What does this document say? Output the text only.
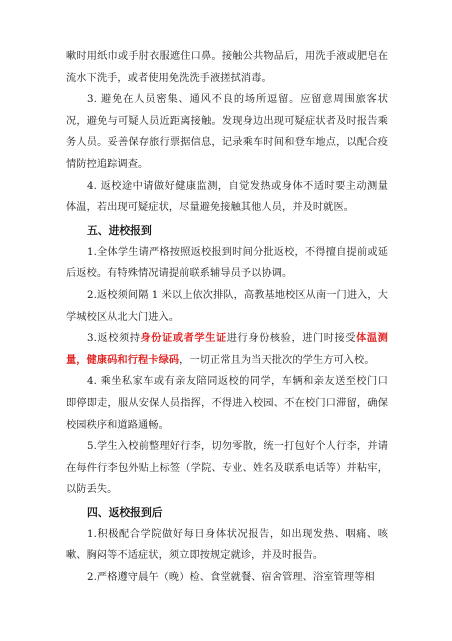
嗽时用纸巾或手肘衣服遮住口鼻。接触公共物品后，用洗手液或肥皂在流水下洗手，或者使用免洗洗手液搓拭消毒。

3. 避免在人员密集、通风不良的场所逗留。应留意周围旅客状况，避免与可疑人员近距离接触。发现身边出现可疑症状者及时报告乘务人员。妥善保存旅行票据信息，记录乘车时间和登车地点，以配合疫情防控追踪调查。

4. 返校途中请做好健康监测，自觉发热或身体不适时要主动测量体温，若出现可疑症状，尽量避免接触其他人员，并及时就医。

五、进校报到

1.全体学生请严格按照返校报到时间分批返校，不得擅自提前或延后返校。有特殊情况请提前联系辅导员予以协调。

2.返校须间隔 1 米以上依次排队，高教基地校区从南一门进入，大学城校区从北大门进入。

3.返校须持身份证或者学生证进行身份核验，进门时接受体温测量，健康码和行程卡绿码，一切正常且为当天批次的学生方可入校。

4. 乘坐私家车或有亲友陪同返校的同学，车辆和亲友送至校门口即停即走，服从安保人员指挥，不得进入校园、不在校门口滞留，确保校园秩序和道路通畅。

5.学生入校前整理好行李，切勿零散，统一打包好个人行李，并请在每件行李包外贴上标签（学院、专业、姓名及联系电话等）并粘牢，以防丢失。

四、返校报到后

1.积极配合学院做好每日身体状况报告，如出现发热、咽痛、咳嗽、胸闷等不适症状，须立即按规定就诊，并及时报告。

2.严格遵守晨午（晚）检、食堂就餐、宿舍管理、浴室管理等相
